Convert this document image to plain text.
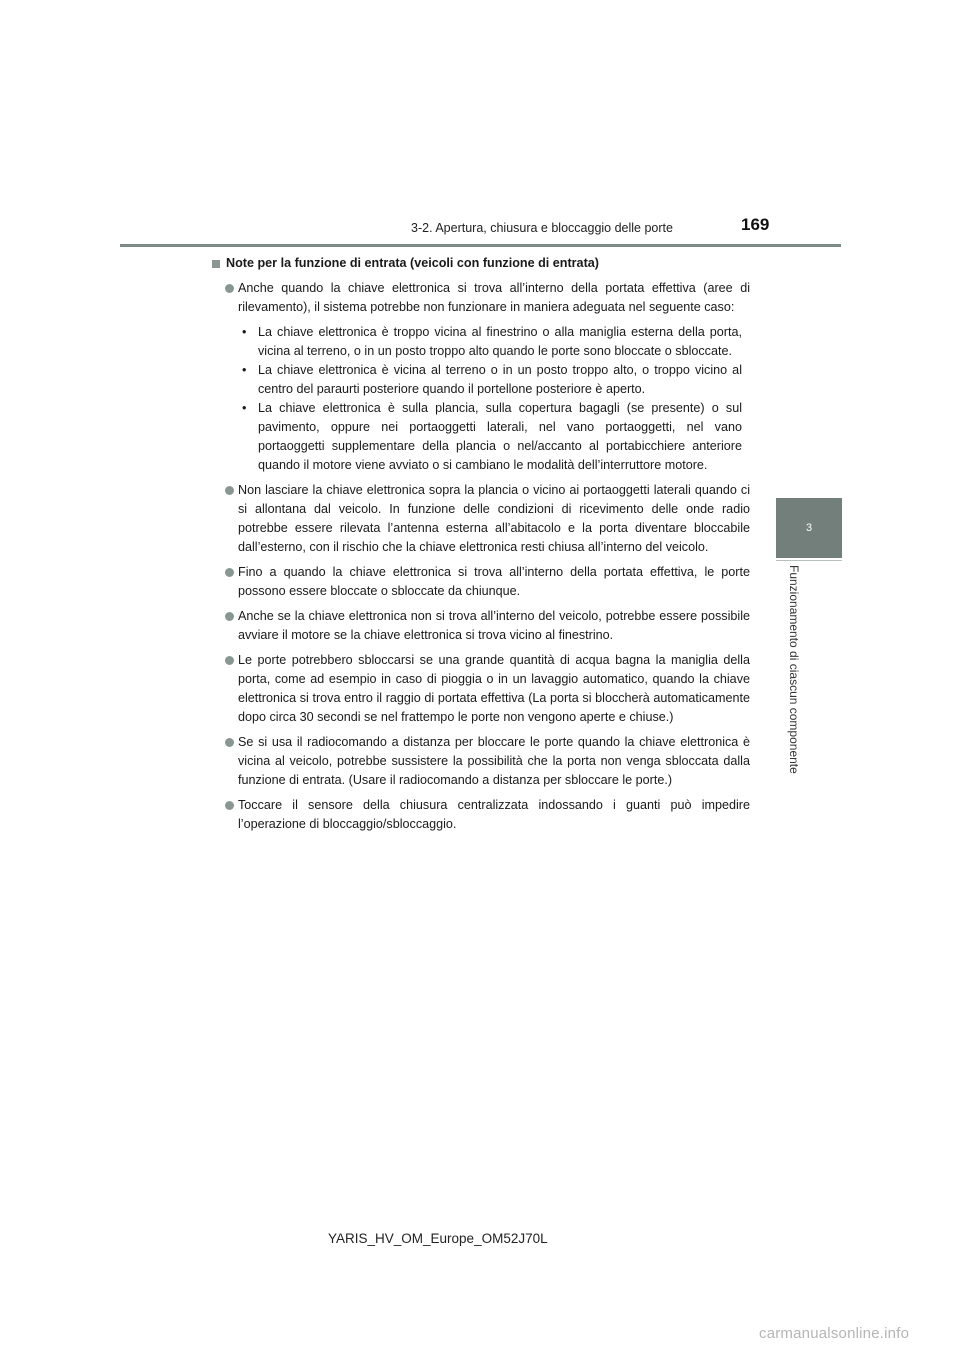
3-2. Apertura, chiusura e bloccaggio delle porte	169
3
Funzionamento di ciascun componente
Note per la funzione di entrata (veicoli con funzione di entrata)
Anche quando la chiave elettronica si trova all’interno della portata effettiva (aree di rilevamento), il sistema potrebbe non funzionare in maniera adeguata nel seguente caso:
• La chiave elettronica è troppo vicina al finestrino o alla maniglia esterna della porta, vicina al terreno, o in un posto troppo alto quando le porte sono bloccate o sbloccate.
• La chiave elettronica è vicina al terreno o in un posto troppo alto, o troppo vicino al centro del paraurti posteriore quando il portellone posteriore è aperto.
• La chiave elettronica è sulla plancia, sulla copertura bagagli (se presente) o sul pavimento, oppure nei portaoggetti laterali, nel vano portaoggetti, nel vano portaoggetti supplementare della plancia o nel/accanto al portabicchiere anteriore quando il motore viene avviato o si cambiano le modalità dell’interruttore motore.
Non lasciare la chiave elettronica sopra la plancia o vicino ai portaoggetti laterali quando ci si allontana dal veicolo. In funzione delle condizioni di ricevimento delle onde radio potrebbe essere rilevata l’antenna esterna all’abitacolo e la porta diventare bloccabile dall’esterno, con il rischio che la chiave elettronica resti chiusa all’interno del veicolo.
Fino a quando la chiave elettronica si trova all’interno della portata effettiva, le porte possono essere bloccate o sbloccate da chiunque.
Anche se la chiave elettronica non si trova all’interno del veicolo, potrebbe essere possibile avviare il motore se la chiave elettronica si trova vicino al finestrino.
Le porte potrebbero sbloccarsi se una grande quantità di acqua bagna la maniglia della porta, come ad esempio in caso di pioggia o in un lavaggio automatico, quando la chiave elettronica si trova entro il raggio di portata effettiva (La porta si bloccherà automaticamente dopo circa 30 secondi se nel frattempo le porte non vengono aperte e chiuse.)
Se si usa il radiocomando a distanza per bloccare le porte quando la chiave elettronica è vicina al veicolo, potrebbe sussistere la possibilità che la porta non venga sbloccata dalla funzione di entrata. (Usare il radiocomando a distanza per sbloccare le porte.)
Toccare il sensore della chiusura centralizzata indossando i guanti può impedire l’operazione di bloccaggio/sbloccaggio.
YARIS_HV_OM_Europe_OM52J70L
carmanualsonline.info
